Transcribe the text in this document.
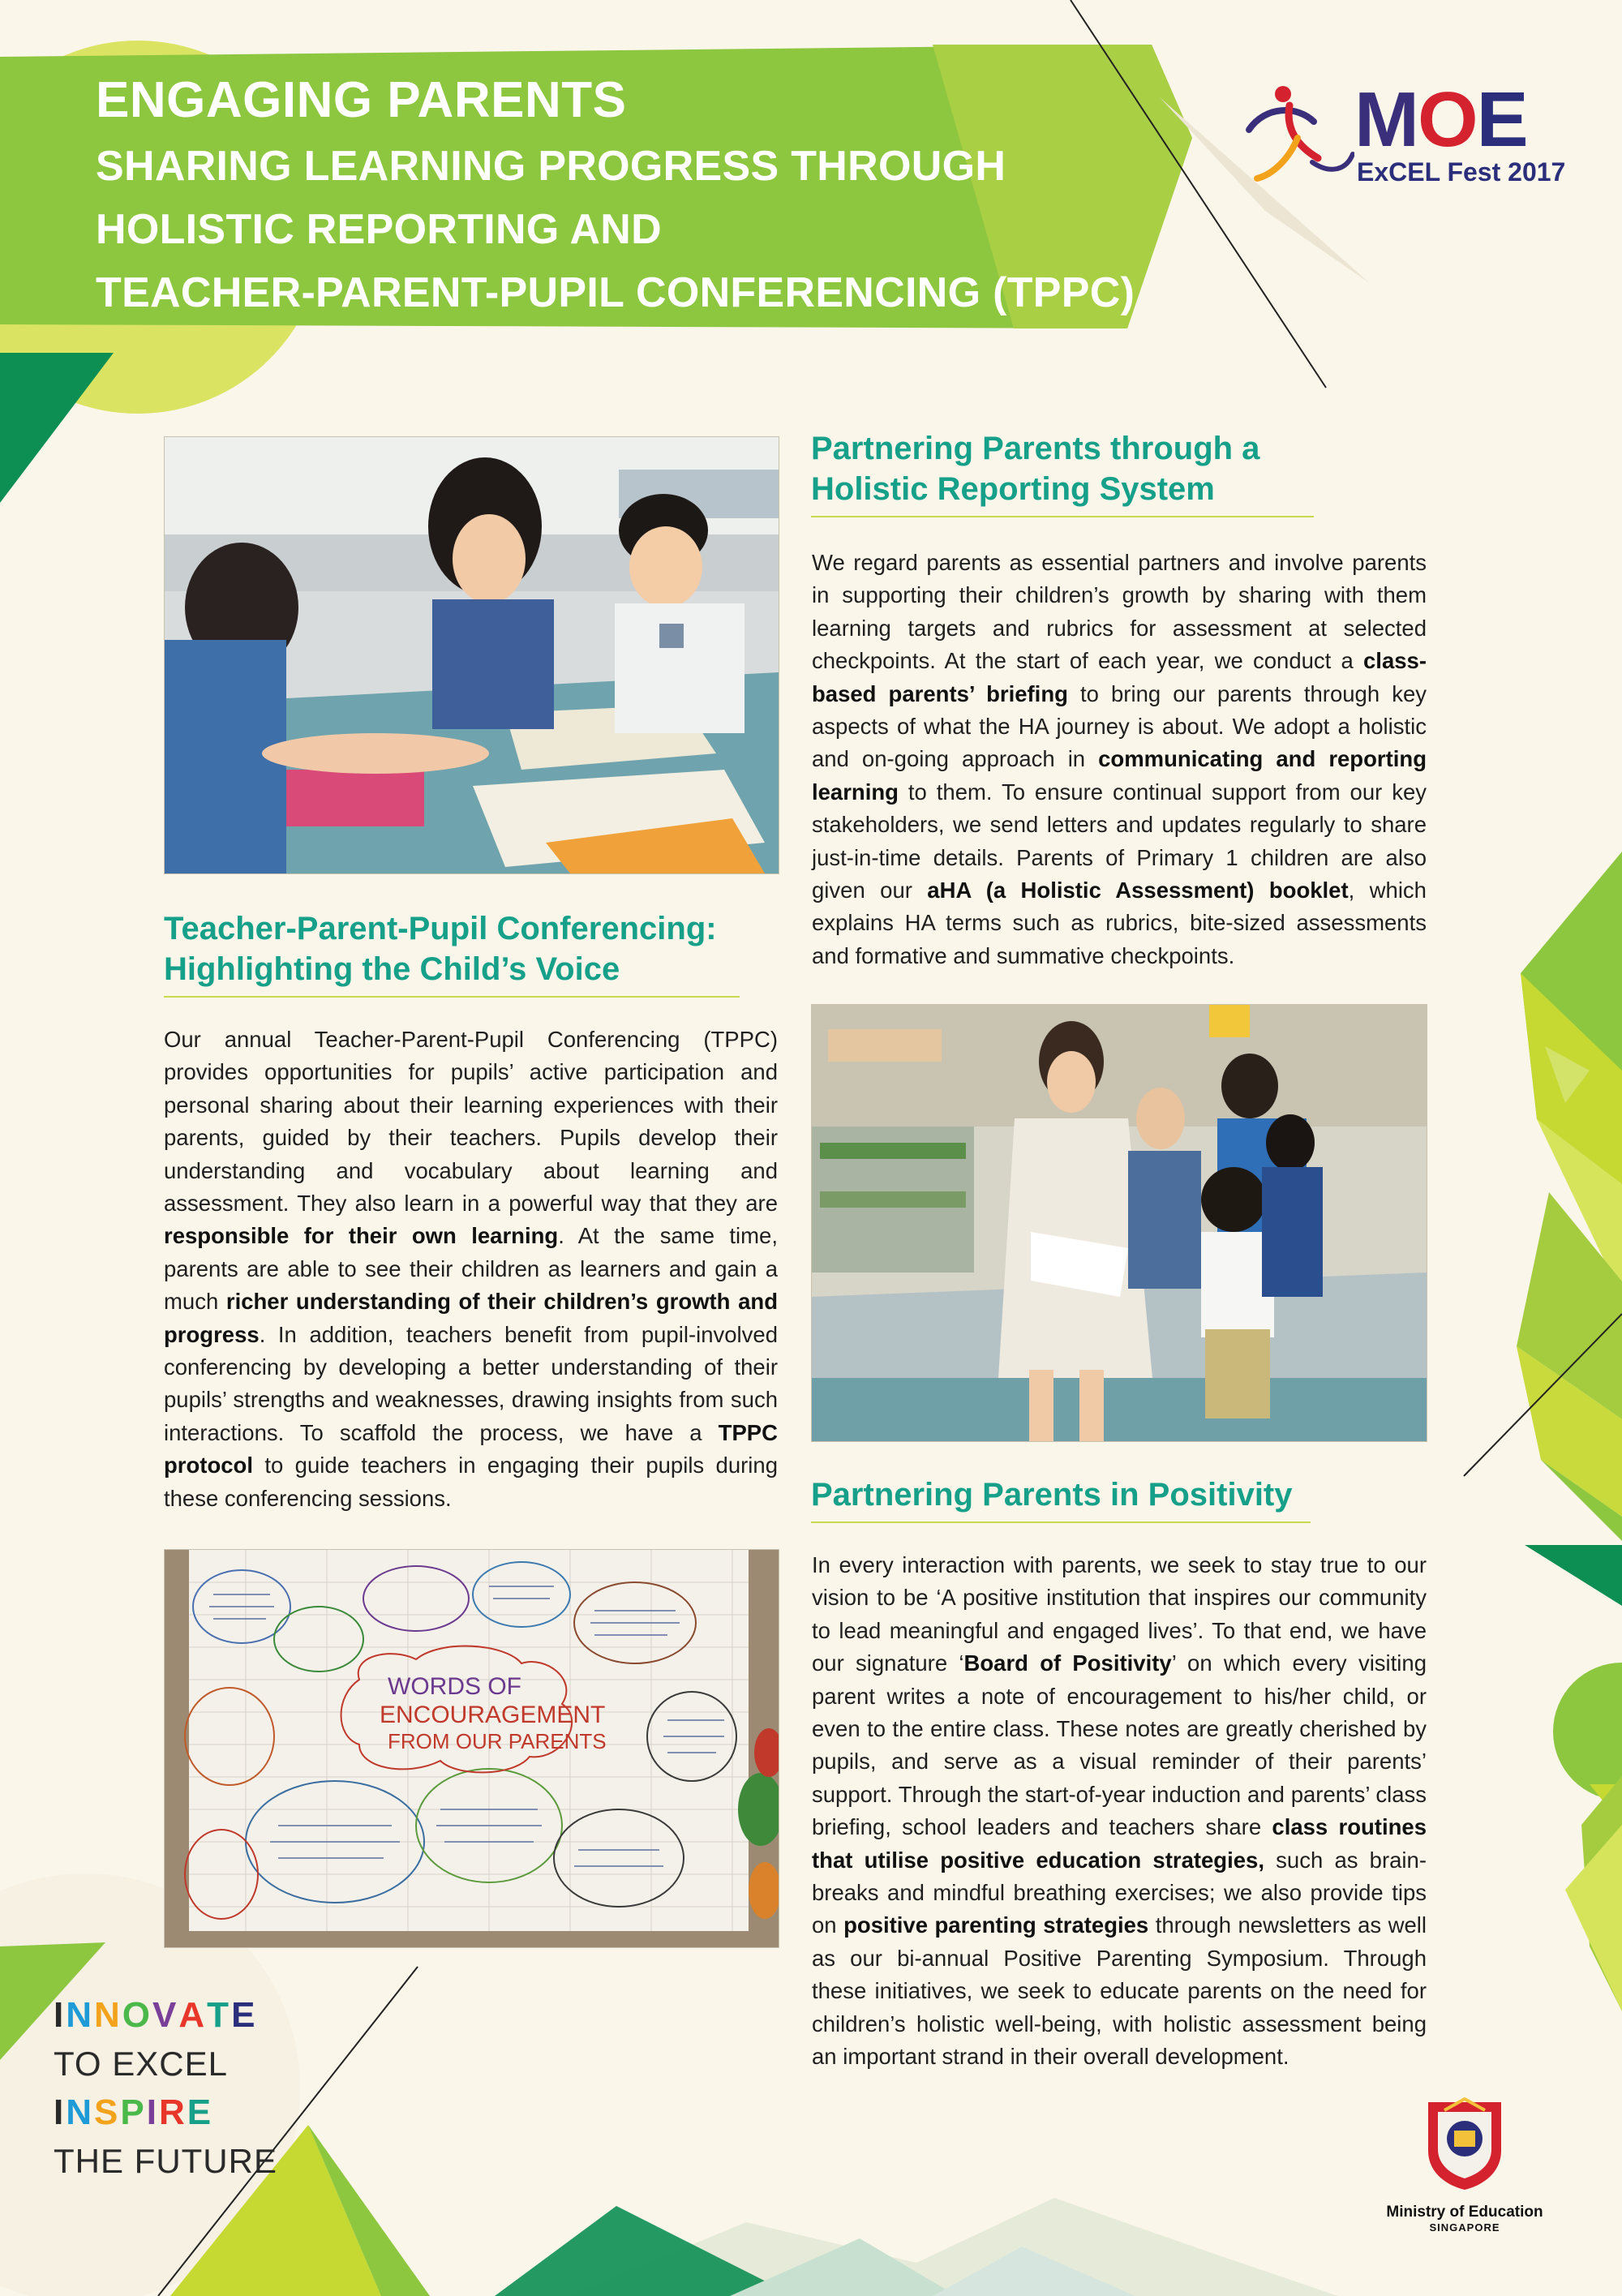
ENGAGING PARENTS
SHARING LEARNING PROGRESS THROUGH
HOLISTIC REPORTING AND
TEACHER-PARENT-PUPIL CONFERENCING (TPPC)
MOE
ExCEL Fest 2017
Partnering Parents through a
Holistic Reporting System
We regard parents as essential partners and involve parents in supporting their children’s growth by sharing with them learning targets and rubrics for assessment at selected checkpoints. At the start of each year, we conduct a class-based parents’ briefing to bring our parents through key aspects of what the HA journey is about. We adopt a holistic and on-going approach in communicating and reporting learning to them. To ensure continual support from our key stakeholders, we send letters and updates regularly to share just-in-time details. Parents of Primary 1 children are also given our aHA (a Holistic Assessment) booklet, which explains HA terms such as rubrics, bite-sized assessments and formative and summative checkpoints.
Teacher-Parent-Pupil Conferencing:
Highlighting the Child’s Voice
Our annual Teacher-Parent-Pupil Conferencing (TPPC) provides opportunities for pupils’ active participation and personal sharing about their learning experiences with their parents, guided by their teachers. Pupils develop their understanding and vocabulary about learning and assessment. They also learn in a powerful way that they are responsible for their own learning. At the same time, parents are able to see their children as learners and gain a much richer understanding of their children’s growth and progress. In addition, teachers benefit from pupil-involved conferencing by developing a better understanding of their pupils’ strengths and weaknesses, drawing insights from such interactions. To scaffold the process, we have a TPPC protocol to guide teachers in engaging their pupils during these conferencing sessions.	Partnering Parents in Positivity
In every interaction with parents, we seek to stay true to our vision to be ‘A positive institution that inspires our community to lead meaningful and engaged lives’. To that end, we have our signature ‘Board of Positivity’ on which every visiting parent writes a note of encouragement to his/her child, or even to the entire class. These notes are greatly cherished by pupils, and serve as a visual reminder of their parents’ support. Through the start-of-year induction and parents’ class briefing, school leaders and teachers share class routines that utilise positive education strategies, such as brain-breaks and mindful breathing exercises; we also provide tips on positive parenting strategies through newsletters as well as our bi-annual Positive Parenting Symposium. Through these initiatives, we seek to educate parents on the need for children’s holistic well-being, with holistic assessment being an important strand in their overall development.
WORDS OF
ENCOURAGEMENT
FROM OUR PARENTS
INNOVATE
TO EXCEL
INSPIRE
THE FUTURE
Ministry of Education
SINGAPORE
